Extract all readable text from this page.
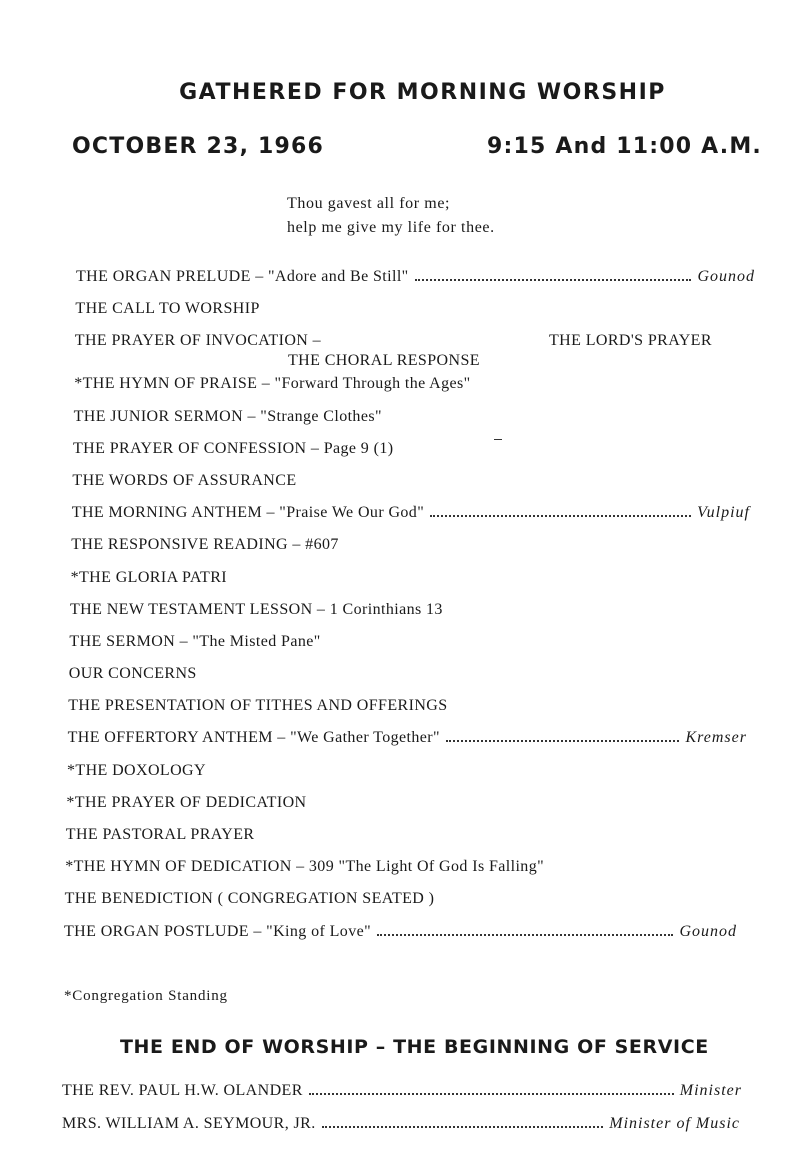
GATHERED FOR MORNING WORSHIP
OCTOBER 23, 1966	9:15 And 11:00 A.M.
Thou gavest all for me;
help me give my life for thee.
THE ORGAN PRELUDE – "Adore and Be Still"	Gounod
THE CALL TO WORSHIP
THE PRAYER OF INVOCATION –	THE LORD'S PRAYER
THE CHORAL RESPONSE
*THE HYMN OF PRAISE – "Forward Through the Ages"
THE JUNIOR SERMON – "Strange Clothes"
THE PRAYER OF CONFESSION – Page 9 (1)
THE WORDS OF ASSURANCE
THE MORNING ANTHEM – "Praise We Our God"	Vulpiuf
THE RESPONSIVE READING – #607
*THE GLORIA PATRI
THE NEW TESTAMENT LESSON – 1 Corinthians 13
THE SERMON – "The Misted Pane"
OUR CONCERNS
THE PRESENTATION OF TITHES AND OFFERINGS
THE OFFERTORY ANTHEM – "We Gather Together"	Kremser
*THE DOXOLOGY
*THE PRAYER OF DEDICATION
THE PASTORAL PRAYER
*THE HYMN OF DEDICATION – 309 "The Light Of God Is Falling"
THE BENEDICTION ( CONGREGATION SEATED )
THE ORGAN POSTLUDE – "King of Love"	Gounod
*Congregation Standing
THE END OF WORSHIP – THE BEGINNING OF SERVICE
THE REV. PAUL H.W. OLANDER	Minister
MRS. WILLIAM A. SEYMOUR, JR.	Minister of Music
